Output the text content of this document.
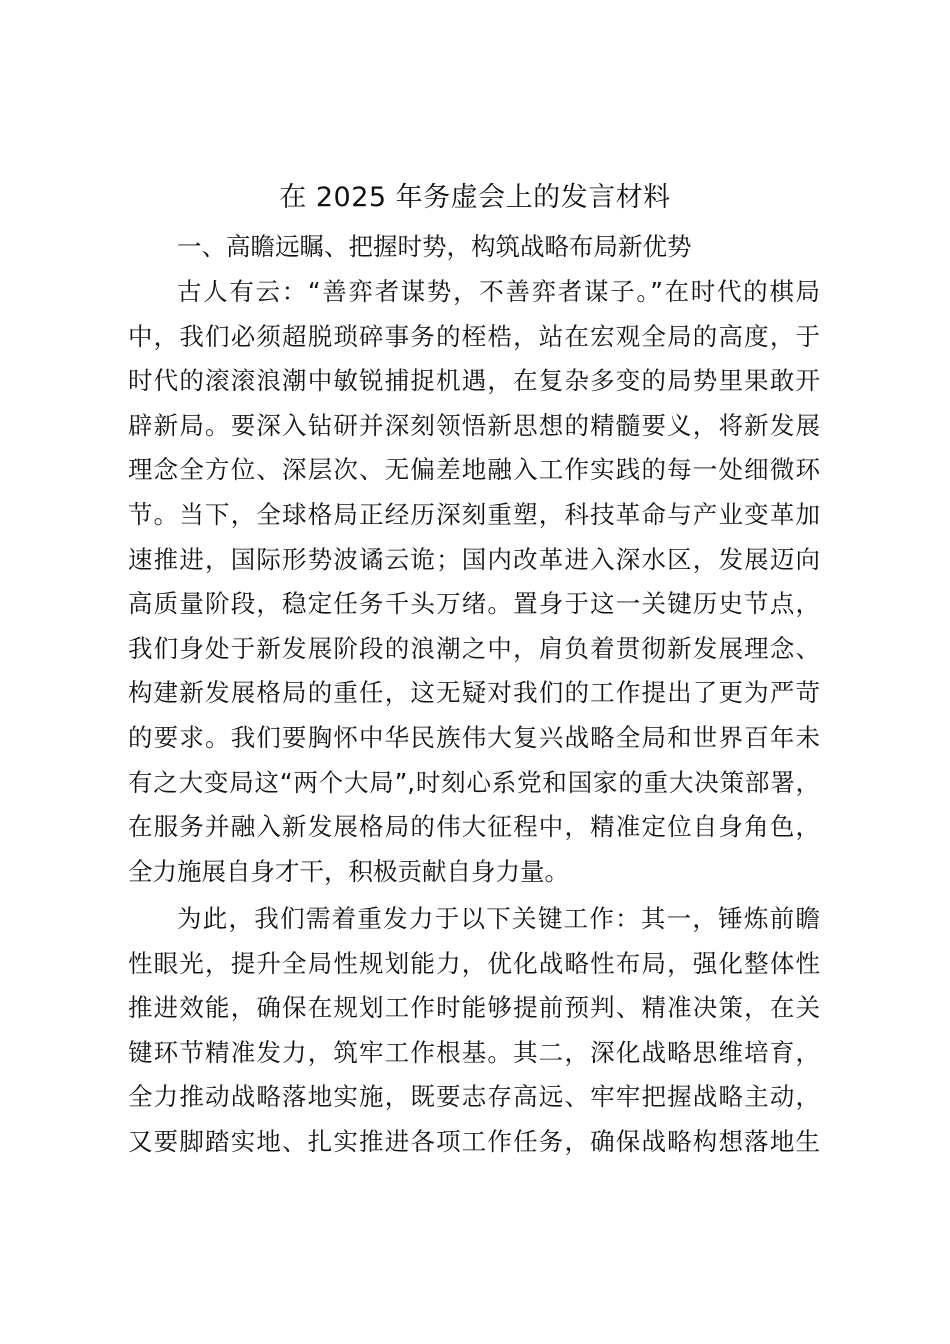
在 2025 年务虚会上的发言材料
一、高瞻远瞩、把握时势，构筑战略布局新优势

古人有云：“善弈者谋势，不善弈者谋子。”在时代的棋局
中，我们必须超脱琐碎事务的桎梏，站在宏观全局的高度，于
时代的滚滚浪潮中敏锐捕捉机遇，在复杂多变的局势里果敢开
辟新局。要深入钻研并深刻领悟新思想的精髓要义，将新发展
理念全方位、深层次、无偏差地融入工作实践的每一处细微环
节。当下，全球格局正经历深刻重塑，科技革命与产业变革加
速推进，国际形势波谲云诡；国内改革进入深水区，发展迈向
高质量阶段，稳定任务千头万绪。置身于这一关键历史节点，
我们身处于新发展阶段的浪潮之中，肩负着贯彻新发展理念、
构建新发展格局的重任，这无疑对我们的工作提出了更为严苛
的要求。我们要胸怀中华民族伟大复兴战略全局和世界百年未
有之大变局这“两个大局”,时刻心系党和国家的重大决策部署，
在服务并融入新发展格局的伟大征程中，精准定位自身角色，
全力施展自身才干，积极贡献自身力量。

为此，我们需着重发力于以下关键工作：其一，锤炼前瞻
性眼光，提升全局性规划能力，优化战略性布局，强化整体性
推进效能，确保在规划工作时能够提前预判、精准决策，在关
键环节精准发力，筑牢工作根基。其二，深化战略思维培育，
全力推动战略落地实施，既要志存高远、牢牢把握战略主动，
又要脚踏实地、扎实推进各项工作任务，确保战略构想落地生
